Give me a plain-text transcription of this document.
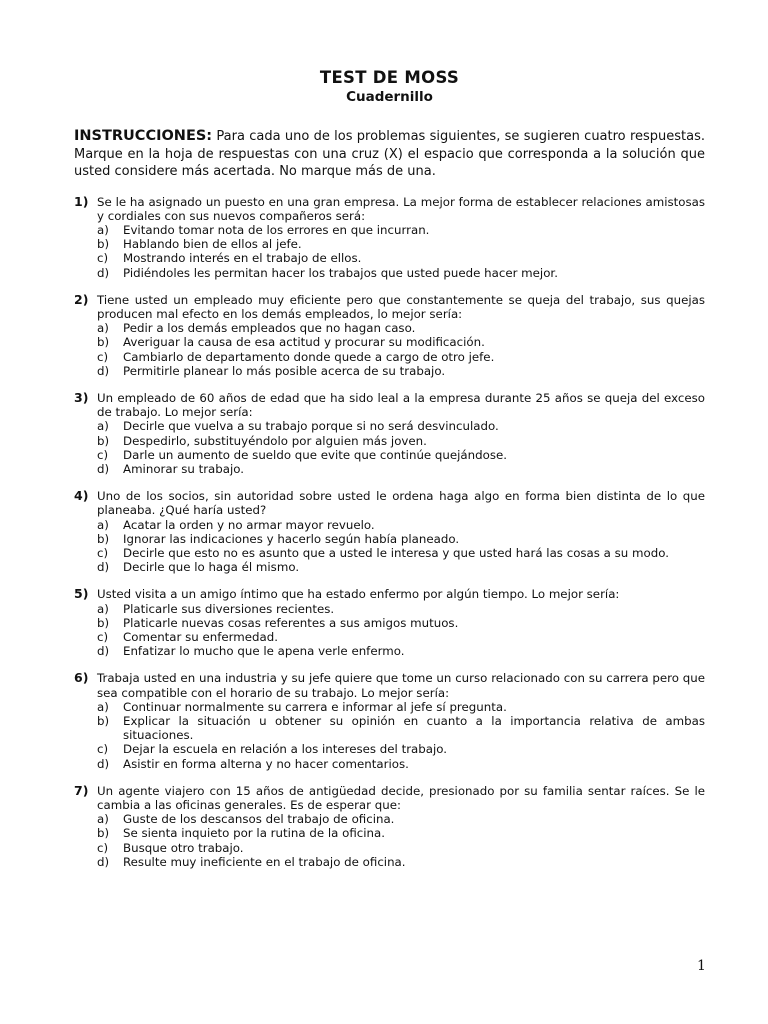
TEST DE MOSS
Cuadernillo
INSTRUCCIONES: Para cada uno de los problemas siguientes, se sugieren cuatro respuestas. Marque en la hoja de respuestas con una cruz (X) el espacio que corresponda a la solución que usted considere más acertada. No marque más de una.
1) Se le ha asignado un puesto en una gran empresa. La mejor forma de establecer relaciones amistosas y cordiales con sus nuevos compañeros será:
a)	Evitando tomar nota de los errores en que incurran.
b)	Hablando bien de ellos al jefe.
c)	Mostrando interés en el trabajo de ellos.
d)	Pidiéndoles les permitan hacer los trabajos que usted puede hacer mejor.
2) Tiene usted un empleado muy eficiente pero que constantemente se queja del trabajo, sus quejas producen mal efecto en los demás empleados, lo mejor sería:
a)	Pedir a los demás empleados que no hagan caso.
b)	Averiguar la causa de esa actitud y procurar su modificación.
c)	Cambiarlo de departamento donde quede a cargo de otro jefe.
d)	Permitirle planear lo más posible acerca de su trabajo.
3) Un empleado de 60 años de edad que ha sido leal a la empresa durante 25 años se queja del exceso de trabajo. Lo mejor sería:
a)	Decirle que vuelva a su trabajo porque si no será desvinculado.
b)	Despedirlo, substituyéndolo por alguien más joven.
c)	Darle un aumento de sueldo que evite que continúe quejándose.
d)	Aminorar su trabajo.
4) Uno de los socios, sin autoridad sobre usted le ordena haga algo en forma bien distinta de lo que planeaba. ¿Qué haría usted?
a)	Acatar la orden y no armar mayor revuelo.
b)	Ignorar las indicaciones y hacerlo según había planeado.
c)	Decirle que esto no es asunto que a usted le interesa y que usted hará las cosas a su modo.
d)	Decirle que lo haga él mismo.
5) Usted visita a un amigo íntimo que ha estado enfermo por algún tiempo. Lo mejor sería:
a)	Platicarle sus diversiones recientes.
b)	Platicarle nuevas cosas referentes a sus amigos mutuos.
c)	Comentar su enfermedad.
d)	Enfatizar lo mucho que le apena verle enfermo.
6) Trabaja usted en una industria y su jefe quiere que tome un curso relacionado con su carrera pero que sea compatible con el horario de su trabajo. Lo mejor sería:
a)	Continuar normalmente su carrera e informar al jefe sí pregunta.
b)	Explicar la situación u obtener su opinión en cuanto a la importancia relativa de ambas situaciones.
c)	Dejar la escuela en relación a los intereses del trabajo.
d)	Asistir en forma alterna y no hacer comentarios.
7) Un agente viajero con 15 años de antigüedad decide, presionado por su familia sentar raíces. Se le cambia a las oficinas generales. Es de esperar que:
a)	Guste de los descansos del trabajo de oficina.
b)	Se sienta inquieto por la rutina de la oficina.
c)	Busque otro trabajo.
d)	Resulte muy ineficiente en el trabajo de oficina.
1
